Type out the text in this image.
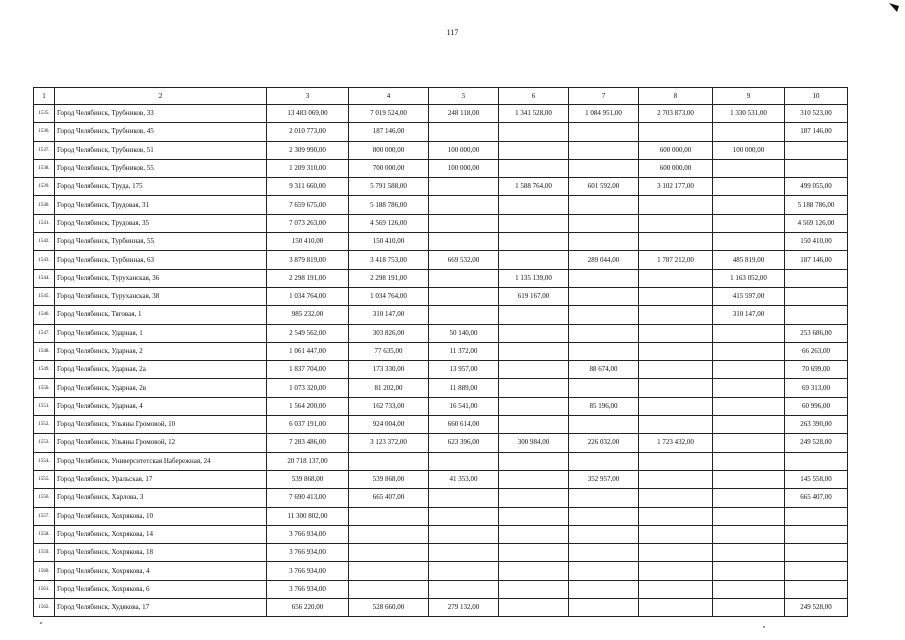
117
1	2	3	4	5	6	7	8	9	10
1535.	Город Челябинск, Трубников, 33	13 483 069,00	7 019 524,00	248 118,00	1 341 528,00	1 084 951,00	2 703 873,00	1 330 531,00	310 523,00
1536.	Город Челябинск, Трубников, 45	2 010 773,00	187 146,00						187 146,00
1537.	Город Челябинск, Трубников, 51	2 309 990,00	800 000,00	100 000,00			600 000,00	100 000,00	
1538.	Город Челябинск, Трубников, 55	1 209 310,00	700 000,00	100 000,00			600 000,00		
1539.	Город Челябинск, Труда, 175	9 311 660,00	5 791 588,00		1 588 764,00	601 592,00	3 102 177,00		499 055,00
1540.	Город Челябинск, Трудовая, 31	7 659 675,00	5 188 786,00						5 188 786,00
1541.	Город Челябинск, Трудовая, 35	7 073 263,00	4 569 126,00						4 569 126,00
1542.	Город Челябинск, Турбинная, 55	150 410,00	150 410,00						150 410,00
1543.	Город Челябинск, Турбинная, 63	3 879 819,00	3 418 753,00	669 532,00		289 044,00	1 787 212,00	485 819,00	187 146,00
1544.	Город Челябинск, Туруханская, 36	2 298 191,00	2 298 191,00		1 135 139,00			1 163 052,00	
1545.	Город Челябинск, Туруханская, 38	1 034 764,00	1 034 764,00		619 167,00			415 597,00	
1546.	Город Челябинск, Тяговая, 1	985 232,00	310 147,00					310 147,00	
1547.	Город Челябинск, Ударная, 1	2 549 562,00	303 826,00	50 140,00					253 686,00
1548.	Город Челябинск, Ударная, 2	1 061 447,00	77 635,00	11 372,00					66 263,00
1549.	Город Челябинск, Ударная, 2а	1 837 704,00	173 330,00	13 957,00		88 674,00			70 699,00
1550.	Город Челябинск, Ударная, 2в	1 073 320,00	81 202,00	11 889,00					69 313,00
1551.	Город Челябинск, Ударная, 4	1 564 200,00	162 733,00	16 541,00		85 196,00			60 996,00
1552.	Город Челябинск, Ульяны Громовой, 10	6 037 191,00	924 004,00	660 614,00					263 390,00
1553.	Город Челябинск, Ульяны Громовой, 12	7 283 486,00	3 123 372,00	623 396,00	300 984,00	226 032,00	1 723 432,00		249 528,00
1554.	Город Челябинск, Университетская Набережная, 24	20 718 137,00							
1555.	Город Челябинск, Уральская, 17	539 868,00	539 868,00	41 353,00		352 957,00			145 558,00
1556.	Город Челябинск, Харлова, 3	7 690 413,00	665 407,00						665 407,00
1557.	Город Челябинск, Хохрякова, 10	11 300 802,00							
1558.	Город Челябинск, Хохрякова, 14	3 766 934,00							
1559.	Город Челябинск, Хохрякова, 18	3 766 934,00							
1560.	Город Челябинск, Хохрякова, 4	3 766 934,00							
1561.	Город Челябинск, Хохрякова, 6	3 766 934,00							
1562.	Город Челябинск, Худякова, 17	656 220,00	528 660,00	279 132,00					249 528,00
